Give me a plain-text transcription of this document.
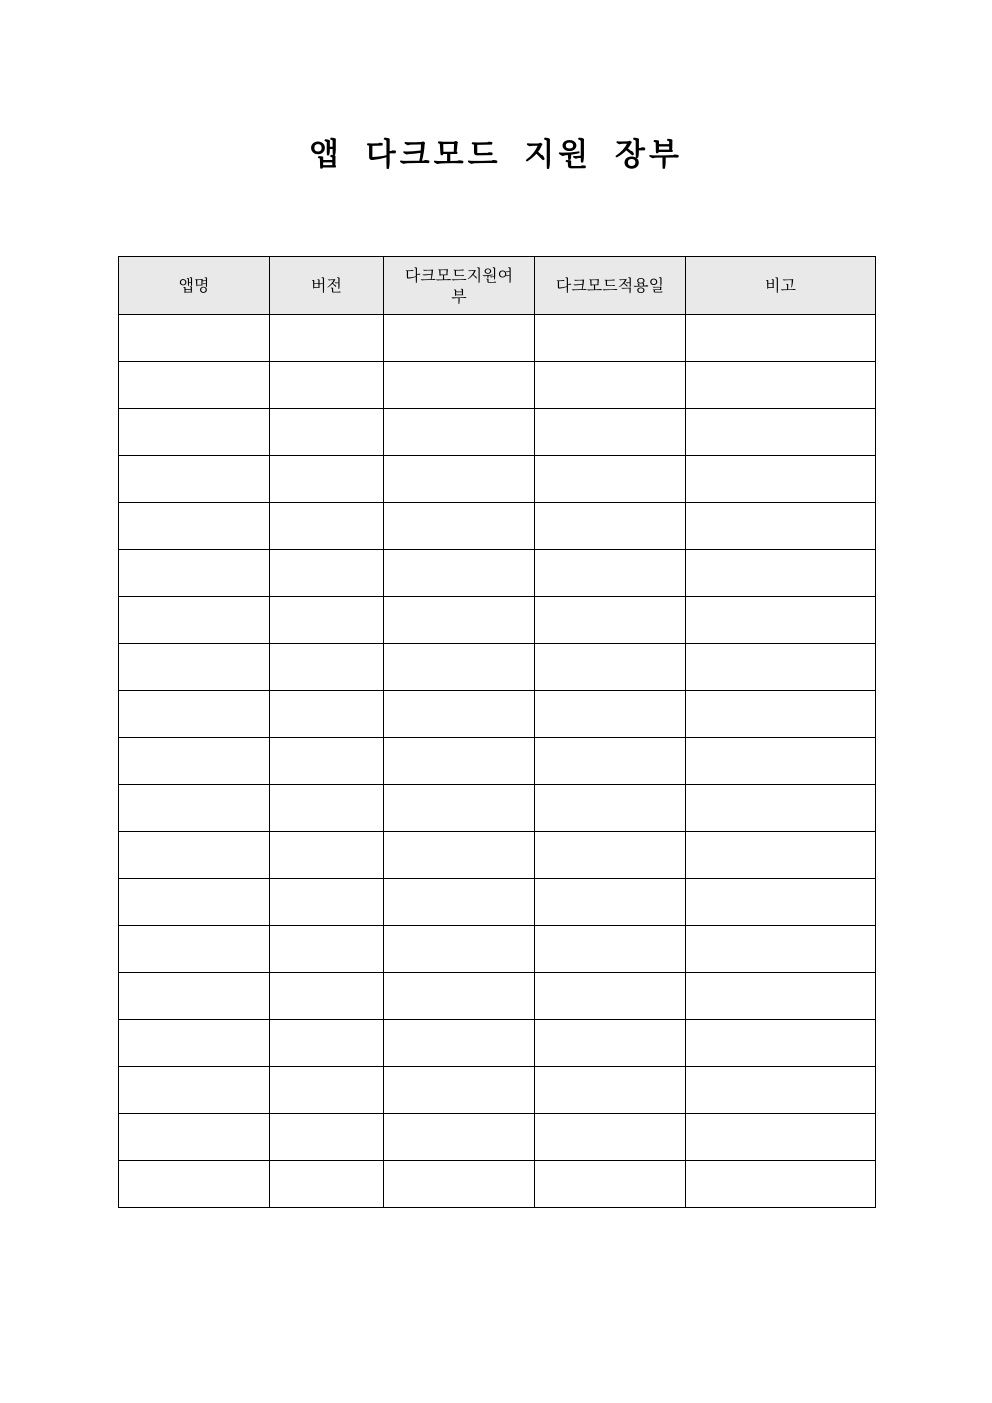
앱 다크모드 지원 장부
앱명	버전	다크모드지원여부	다크모드적용일	비고
